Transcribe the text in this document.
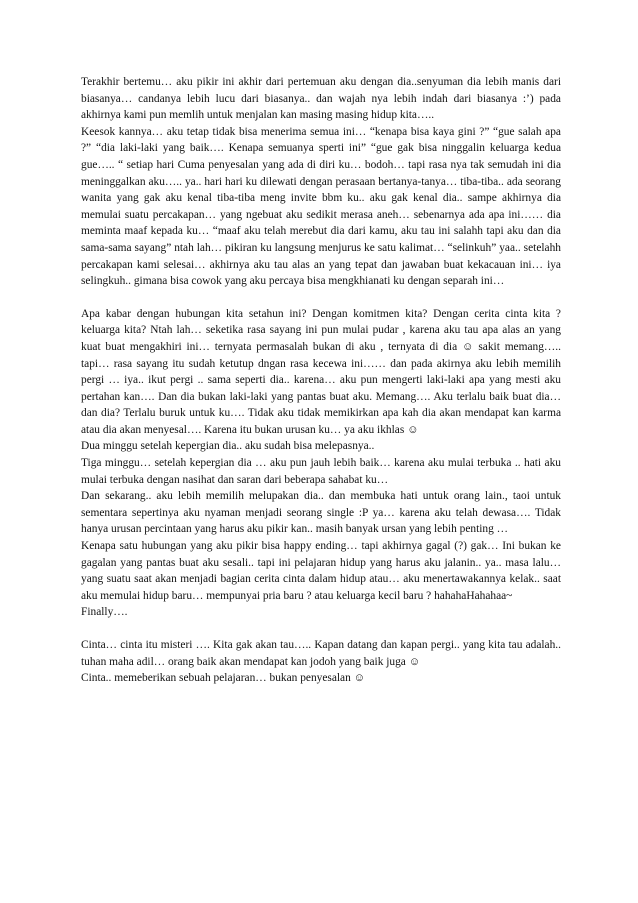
Terakhir bertemu… aku pikir ini akhir dari pertemuan aku dengan dia..senyuman dia lebih manis dari biasanya… candanya lebih lucu dari biasanya.. dan wajah nya lebih indah dari biasanya :’) pada akhirnya kami pun memlih untuk menjalan kan masing masing hidup kita…..

Keesok kannya… aku tetap tidak bisa menerima semua ini… “kenapa bisa kaya gini ?” “gue salah apa ?” “dia laki-laki yang baik…. Kenapa semuanya sperti ini” “gue gak bisa ninggalin keluarga kedua gue….. “ setiap hari Cuma penyesalan yang ada di diri ku… bodoh… tapi rasa nya tak semudah ini dia meninggalkan aku….. ya.. hari hari ku dilewati dengan perasaan bertanya-tanya… tiba-tiba.. ada seorang wanita yang gak aku kenal tiba-tiba meng invite bbm ku.. aku gak kenal dia.. sampe akhirnya dia memulai suatu percakapan… yang ngebuat aku sedikit merasa aneh… sebenarnya ada apa ini…… dia meminta maaf kepada ku… “maaf aku telah merebut dia dari kamu, aku tau ini salahh tapi aku dan dia sama-sama sayang” ntah lah… pikiran ku langsung menjurus ke satu kalimat… “selinkuh” yaa.. setelahh percakapan kami selesai… akhirnya aku tau alas an yang tepat dan jawaban buat kekacauan ini… iya selingkuh.. gimana bisa cowok yang aku percaya bisa mengkhianati ku dengan separah ini…

Apa kabar dengan hubungan kita setahun ini? Dengan komitmen kita? Dengan cerita cinta kita ? keluarga kita? Ntah lah… seketika rasa sayang ini pun mulai pudar , karena aku tau apa alas an yang kuat buat mengakhiri ini… ternyata permasalah bukan di aku , ternyata di dia ☺ sakit memang….. tapi… rasa sayang itu sudah ketutup dngan rasa kecewa ini…… dan pada akirnya aku lebih memilih pergi … iya.. ikut pergi .. sama seperti dia.. karena… aku pun mengerti laki-laki apa yang mesti aku pertahan kan…. Dan dia bukan laki-laki yang pantas buat aku. Memang…. Aku terlalu baik buat dia… dan dia? Terlalu buruk untuk ku…. Tidak aku tidak memikirkan apa kah dia akan mendapat kan karma atau dia akan menyesal…. Karena itu bukan urusan ku… ya aku ikhlas ☺

Dua minggu setelah kepergian dia.. aku sudah bisa melepasnya..

Tiga minggu… setelah kepergian dia … aku pun jauh lebih baik… karena aku mulai terbuka .. hati aku mulai terbuka dengan nasihat dan saran dari beberapa sahabat ku…

Dan sekarang.. aku lebih memilih melupakan dia.. dan membuka hati untuk orang lain., taoi untuk sementara sepertinya aku nyaman menjadi seorang single :P ya… karena aku telah dewasa…. Tidak hanya urusan percintaan yang harus aku pikir kan.. masih banyak ursan yang lebih penting …

Kenapa satu hubungan yang aku pikir bisa happy ending… tapi akhirnya gagal (?) gak… Ini bukan ke gagalan yang pantas buat aku sesali.. tapi ini pelajaran hidup yang harus aku jalanin.. ya.. masa lalu… yang suatu saat akan menjadi bagian cerita cinta dalam hidup atau… aku menertawakannya kelak.. saat aku memulai hidup baru… mempunyai pria baru ? atau keluarga kecil baru ? hahahaHahahaa~

Finally….

Cinta… cinta itu misteri …. Kita gak akan tau….. Kapan datang dan kapan pergi.. yang kita tau adalah.. tuhan maha adil… orang baik akan mendapat kan jodoh yang baik juga ☺

Cinta.. memeberikan sebuah pelajaran… bukan penyesalan ☺
